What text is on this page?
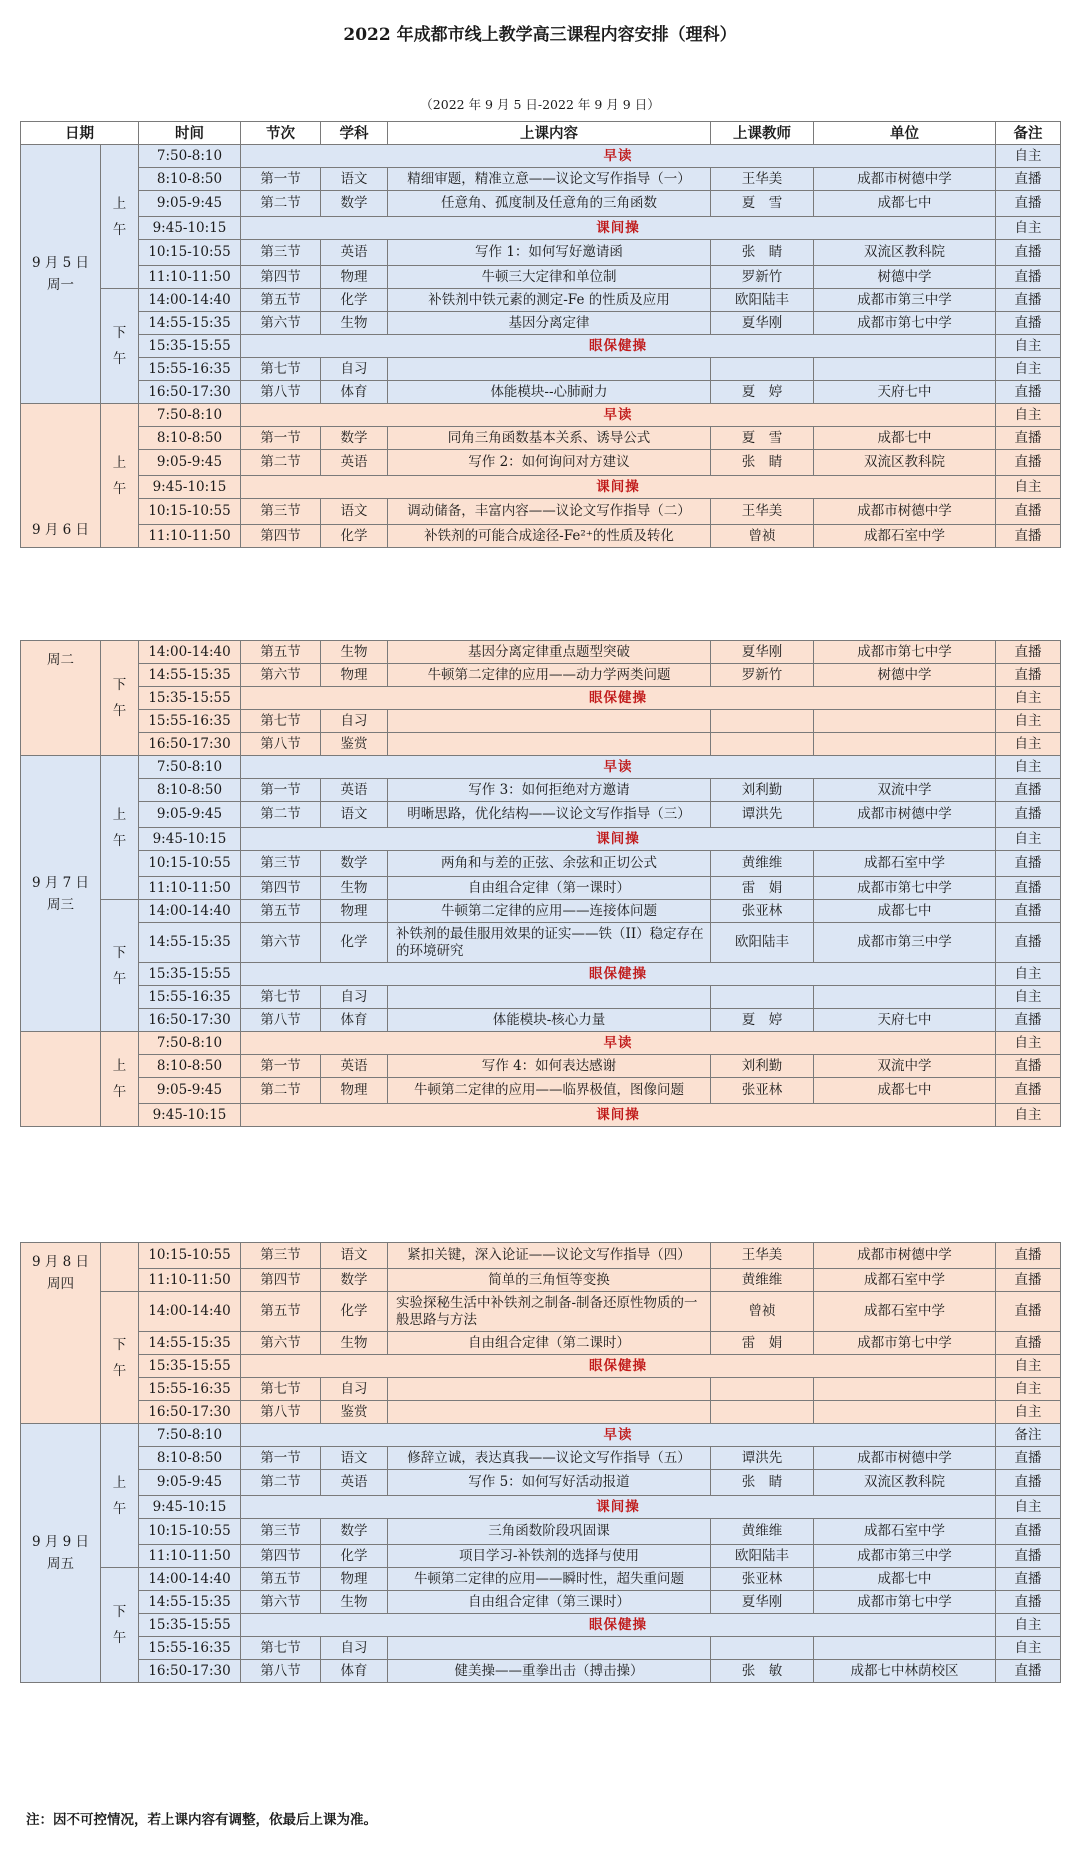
2022 年成都市线上教学高三课程内容安排（理科）
（2022 年 9 月 5 日-2022 年 9 月 9 日）
日期		时间	节次	学科	上课内容	上课教师	单位	备注
9 月 5 日
周一	上午	7:50-8:10	早读					自主
		8:10-8:50	第一节	语文	精细审题，精准立意——议论文写作指导（一）	王华美	成都市树德中学	直播
		9:05-9:45	第二节	数学	任意角、孤度制及任意角的三角函数	夏　雪	成都七中	直播
		9:45-10:15	课间操					自主
		10:15-10:55	第三节	英语	写作 1：如何写好邀请函	张　睛	双流区教科院	直播
		11:10-11:50	第四节	物理	牛顿三大定律和单位制	罗新竹	树德中学	直播
	下午	14:00-14:40	第五节	化学	补铁剂中铁元素的测定-Fe 的性质及应用	欧阳陆丰	成都市第三中学	直播
		14:55-15:35	第六节	生物	基因分离定律	夏华刚	成都市第七中学	直播
		15:35-15:55	眼保健操					自主
		15:55-16:35	第七节	自习				自主
		16:50-17:30	第八节	体育	体能模块--心肺耐力	夏　婷	天府七中	直播
9 月 6 日	上午	7:50-8:10	早读					自主
		8:10-8:50	第一节	数学	同角三角函数基本关系、诱导公式	夏　雪	成都七中	直播
		9:05-9:45	第二节	英语	写作 2：如何询问对方建议	张　睛	双流区教科院	直播
		9:45-10:15	课间操					自主
		10:15-10:55	第三节	语文	调动储备，丰富内容——议论文写作指导（二）	王华美	成都市树德中学	直播
		11:10-11:50	第四节	化学	补铁剂的可能合成途径-Fe²⁺的性质及转化	曾祯	成都石室中学	直播
周二	下午	14:00-14:40	第五节	生物	基因分离定律重点题型突破	夏华刚	成都市第七中学	直播
		14:55-15:35	第六节	物理	牛顿第二定律的应用——动力学两类问题	罗新竹	树德中学	直播
		15:35-15:55	眼保健操					自主
		15:55-16:35	第七节	自习				自主
		16:50-17:30	第八节	鉴赏				自主
9 月 7 日
周三	上午	7:50-8:10	早读					自主
		8:10-8:50	第一节	英语	写作 3：如何拒绝对方邀请	刘利勤	双流中学	直播
		9:05-9:45	第二节	语文	明晰思路，优化结构——议论文写作指导（三）	谭洪先	成都市树德中学	直播
		9:45-10:15	课间操					自主
		10:15-10:55	第三节	数学	两角和与差的正弦、余弦和正切公式	黄维维	成都石室中学	直播
		11:10-11:50	第四节	生物	自由组合定律（第一课时）	雷　娟	成都市第七中学	直播
	下午	14:00-14:40	第五节	物理	牛顿第二定律的应用——连接体问题	张亚林	成都七中	直播
		14:55-15:35	第六节	化学	补铁剂的最佳服用效果的证实——铁（II）稳定存在的环境研究	欧阳陆丰	成都市第三中学	直播
		15:35-15:55	眼保健操					自主
		15:55-16:35	第七节	自习				自主
		16:50-17:30	第八节	体育	体能模块-核心力量	夏　婷	天府七中	直播
	上午	7:50-8:10	早读					自主
		8:10-8:50	第一节	英语	写作 4：如何表达感谢	刘利勤	双流中学	直播
		9:05-9:45	第二节	物理	牛顿第二定律的应用——临界极值，图像问题	张亚林	成都七中	直播
		9:45-10:15	课间操					自主
9 月 8 日
周四		10:15-10:55	第三节	语文	紧扣关键，深入论证——议论文写作指导（四）	王华美	成都市树德中学	直播
		11:10-11:50	第四节	数学	简单的三角恒等变换	黄维维	成都石室中学	直播
	下午	14:00-14:40	第五节	化学	实验探秘生活中补铁剂之制备-制备还原性物质的一般思路与方法	曾祯	成都石室中学	直播
		14:55-15:35	第六节	生物	自由组合定律（第二课时）	雷　娟	成都市第七中学	直播
		15:35-15:55	眼保健操					自主
		15:55-16:35	第七节	自习				自主
		16:50-17:30	第八节	鉴赏				自主
9 月 9 日
周五	上午	7:50-8:10	早读					备注
		8:10-8:50	第一节	语文	修辞立诚，表达真我——议论文写作指导（五）	谭洪先	成都市树德中学	直播
		9:05-9:45	第二节	英语	写作 5：如何写好活动报道	张　睛	双流区教科院	直播
		9:45-10:15	课间操					自主
		10:15-10:55	第三节	数学	三角函数阶段巩固课	黄维维	成都石室中学	直播
		11:10-11:50	第四节	化学	项目学习-补铁剂的选择与使用	欧阳陆丰	成都市第三中学	直播
	下午	14:00-14:40	第五节	物理	牛顿第二定律的应用——瞬时性，超失重问题	张亚林	成都七中	直播
		14:55-15:35	第六节	生物	自由组合定律（第三课时）	夏华刚	成都市第七中学	直播
		15:35-15:55	眼保健操					自主
		15:55-16:35	第七节	自习				自主
		16:50-17:30	第八节	体育	健美操——重拳出击（搏击操）	张　敏	成都七中林荫校区	直播
注：因不可控情况，若上课内容有调整，依最后上课为准。
